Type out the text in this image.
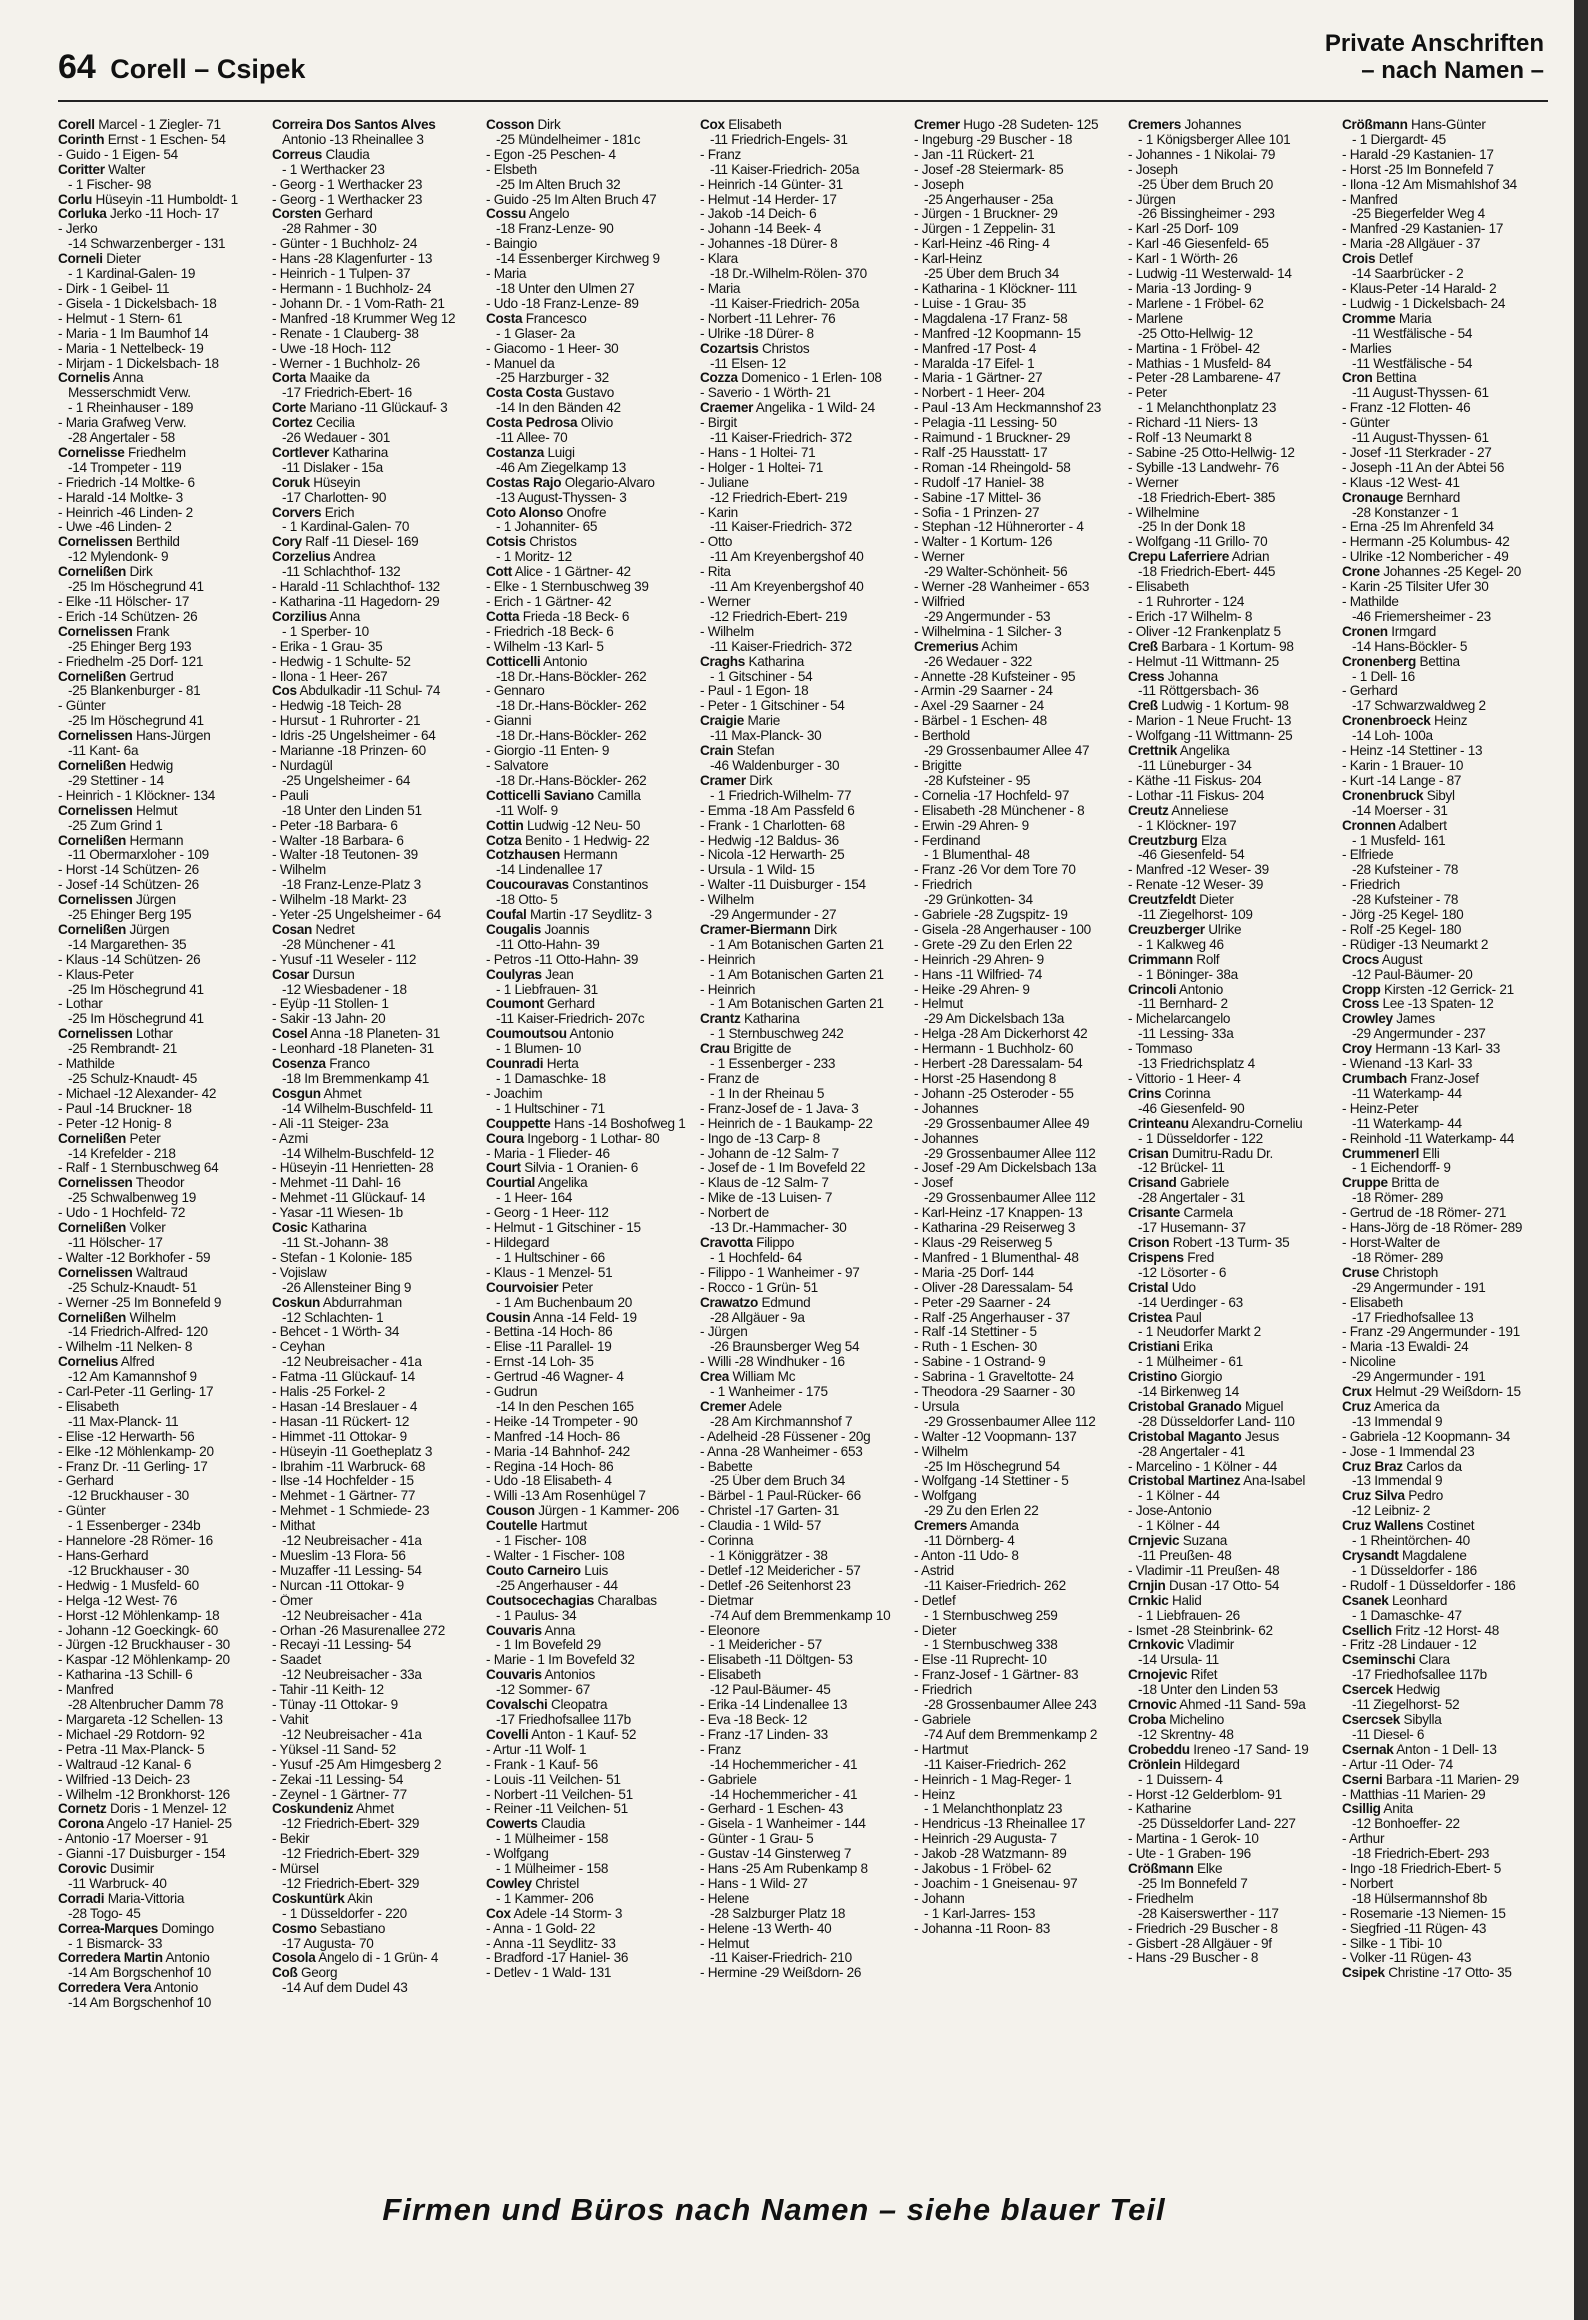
64 Corell – Csipek
Private Anschriften
– nach Namen –
Corell Marcel - 1 Ziegler- 71
Corinth Ernst - 1 Eschen- 54
- Guido - 1 Eigen- 54
Coritter Walter
- 1 Fischer- 98
Corlu Hüseyin -11 Humboldt- 1
Corluka Jerko -11 Hoch- 17
- Jerko
-14 Schwarzenberger - 131
Corneli Dieter
- 1 Kardinal-Galen- 19
- Dirk - 1 Geibel- 11
- Gisela - 1 Dickelsbach- 18
- Helmut - 1 Stern- 61
- Maria - 1 Im Baumhof 14
- Maria - 1 Nettelbeck- 19
- Mirjam - 1 Dickelsbach- 18
Cornelis Anna
Messerschmidt Verw.
- 1 Rheinhauser - 189
- Maria Grafweg Verw.
-28 Angertaler - 58
Cornelisse Friedhelm
-14 Trompeter - 119
- Friedrich -14 Moltke- 6
- Harald -14 Moltke- 3
- Heinrich -46 Linden- 2
- Uwe -46 Linden- 2
Cornelissen Berthild
-12 Mylendonk- 9
Cornelißen Dirk
-25 Im Höschegrund 41
- Elke -11 Hölscher- 17
- Erich -14 Schützen- 26
Cornelissen Frank
-25 Ehinger Berg 193
- Friedhelm -25 Dorf- 121
Cornelißen Gertrud
-25 Blankenburger - 81
- Günter
-25 Im Höschegrund 41
Cornelissen Hans-Jürgen
-11 Kant- 6a
Cornelißen Hedwig
-29 Stettiner - 14
- Heinrich - 1 Klöckner- 134
Cornelissen Helmut
-25 Zum Grind 1
Cornelißen Hermann
-11 Obermarxloher - 109
- Horst -14 Schützen- 26
- Josef -14 Schützen- 26
Cornelissen Jürgen
-25 Ehinger Berg 195
Cornelißen Jürgen
-14 Margarethen- 35
- Klaus -14 Schützen- 26
- Klaus-Peter
-25 Im Höschegrund 41
- Lothar
-25 Im Höschegrund 41
Cornelissen Lothar
-25 Rembrandt- 21
- Mathilde
-25 Schulz-Knaudt- 45
- Michael -12 Alexander- 42
- Paul -14 Bruckner- 18
- Peter -12 Honig- 8
Cornelißen Peter
-14 Krefelder - 218
- Ralf - 1 Sternbuschweg 64
Cornelissen Theodor
-25 Schwalbenweg 19
- Udo - 1 Hochfeld- 72
Cornelißen Volker
-11 Hölscher- 17
- Walter -12 Borkhofer - 59
Cornelissen Waltraud
-25 Schulz-Knaudt- 51
- Werner -25 Im Bonnefeld 9
Cornelißen Wilhelm
-14 Friedrich-Alfred- 120
- Wilhelm -11 Nelken- 8
Cornelius Alfred
-12 Am Kamannshof 9
- Carl-Peter -11 Gerling- 17
- Elisabeth
-11 Max-Planck- 11
- Elise -12 Herwarth- 56
- Elke -12 Möhlenkamp- 20
- Franz Dr. -11 Gerling- 17
- Gerhard
-12 Bruckhauser - 30
- Günter
- 1 Essenberger - 234b
- Hannelore -28 Römer- 16
- Hans-Gerhard
-12 Bruckhauser - 30
- Hedwig - 1 Musfeld- 60
- Helga -12 West- 76
- Horst -12 Möhlenkamp- 18
- Johann -12 Goeckingk- 60
- Jürgen -12 Bruckhauser - 30
- Kaspar -12 Möhlenkamp- 20
- Katharina -13 Schill- 6
- Manfred
-28 Altenbrucher Damm 78
- Margareta -12 Schellen- 13
- Michael -29 Rotdorn- 92
- Petra -11 Max-Planck- 5
- Waltraud -12 Kanal- 6
- Wilfried -13 Deich- 23
- Wilhelm -12 Bronkhorst- 126
Cornetz Doris - 1 Menzel- 12
Corona Angelo -17 Haniel- 25
- Antonio -17 Moerser - 91
- Gianni -17 Duisburger - 154
Corovic Dusimir
-11 Warbruck- 40
Corradi Maria-Vittoria
-28 Togo- 45
Correa-Marques Domingo
- 1 Bismarck- 33
Corredera Martin Antonio
-14 Am Borgschenhof 10
Corredera Vera Antonio
-14 Am Borgschenhof 10
Correira Dos Santos Alves
Antonio -13 Rheinallee 3
Correus Claudia
- 1 Werthacker 23
- Georg - 1 Werthacker 23
- Georg - 1 Werthacker 23
Corsten Gerhard
-28 Rahmer - 30
- Günter - 1 Buchholz- 24
- Hans -28 Klagenfurter - 13
- Heinrich - 1 Tulpen- 37
- Hermann - 1 Buchholz- 24
- Johann Dr. - 1 Vom-Rath- 21
- Manfred -18 Krummer Weg 12
- Renate - 1 Clauberg- 38
- Uwe -18 Hoch- 112
- Werner - 1 Buchholz- 26
Corta Maaike da
-17 Friedrich-Ebert- 16
Corte Mariano -11 Glückauf- 3
Cortez Cecilia
-26 Wedauer - 301
Cortlever Katharina
-11 Dislaker - 15a
Coruk Hüseyin
-17 Charlotten- 90
Corvers Erich
- 1 Kardinal-Galen- 70
Cory Ralf -11 Diesel- 169
Corzelius Andrea
-11 Schlachthof- 132
- Harald -11 Schlachthof- 132
- Katharina -11 Hagedorn- 29
Corzilius Anna
- 1 Sperber- 10
- Erika - 1 Grau- 35
- Hedwig - 1 Schulte- 52
- Ilona - 1 Heer- 267
Cos Abdulkadir -11 Schul- 74
- Hedwig -18 Teich- 28
- Hursut - 1 Ruhrorter - 21
- Idris -25 Ungelsheimer - 64
- Marianne -18 Prinzen- 60
- Nurdagül
-25 Ungelsheimer - 64
- Pauli
-18 Unter den Linden 51
- Peter -18 Barbara- 6
- Walter -18 Barbara- 6
- Walter -18 Teutonen- 39
- Wilhelm
-18 Franz-Lenze-Platz 3
- Wilhelm -18 Markt- 23
- Yeter -25 Ungelsheimer - 64
Cosan Nedret
-28 Münchener - 41
- Yusuf -11 Weseler - 112
Cosar Dursun
-12 Wiesbadener - 18
- Eyüp -11 Stollen- 1
- Sakir -13 Jahn- 20
Cosel Anna -18 Planeten- 31
- Leonhard -18 Planeten- 31
Cosenza Franco
-18 Im Bremmenkamp 41
Cosgun Ahmet
-14 Wilhelm-Buschfeld- 11
- Ali -11 Steiger- 23a
- Azmi
-14 Wilhelm-Buschfeld- 12
- Hüseyin -11 Henrietten- 28
- Mehmet -11 Dahl- 16
- Mehmet -11 Glückauf- 14
- Yasar -11 Wiesen- 1b
Cosic Katharina
-11 St.-Johann- 38
- Stefan - 1 Kolonie- 185
- Vojislaw
-26 Allensteiner Bing 9
Coskun Abdurrahman
-12 Schlachten- 1
- Behcet - 1 Wörth- 34
- Ceyhan
-12 Neubreisacher - 41a
- Fatma -11 Glückauf- 14
- Halis -25 Forkel- 2
- Hasan -14 Breslauer - 4
- Hasan -11 Rückert- 12
- Himmet -11 Ottokar- 9
- Hüseyin -11 Goetheplatz 3
- Ibrahim -11 Warbruck- 68
- Ilse -14 Hochfelder - 15
- Mehmet - 1 Gärtner- 77
- Mehmet - 1 Schmiede- 23
- Mithat
-12 Neubreisacher - 41a
- Mueslim -13 Flora- 56
- Muzaffer -11 Lessing- 54
- Nurcan -11 Ottokar- 9
- Ömer
-12 Neubreisacher - 41a
- Orhan -26 Masurenallee 272
- Recayi -11 Lessing- 54
- Saadet
-12 Neubreisacher - 33a
- Tahir -11 Keith- 12
- Tünay -11 Ottokar- 9
- Vahit
-12 Neubreisacher - 41a
- Yüksel -11 Sand- 52
- Yusuf -25 Am Himgesberg 2
- Zekai -11 Lessing- 54
- Zeynel - 1 Gärtner- 77
Coskundeniz Ahmet
-12 Friedrich-Ebert- 329
- Bekir
-12 Friedrich-Ebert- 329
- Mürsel
-12 Friedrich-Ebert- 329
Coskuntürk Akin
- 1 Düsseldorfer - 220
Cosmo Sebastiano
-17 Augusta- 70
Cosola Angelo di - 1 Grün- 4
Coß Georg
-14 Auf dem Dudel 43
Cosson Dirk
-25 Mündelheimer - 181c
- Egon -25 Peschen- 4
- Elsbeth
-25 Im Alten Bruch 32
- Guido -25 Im Alten Bruch 47
Cossu Angelo
-18 Franz-Lenze- 90
- Baingio
-14 Essenberger Kirchweg 9
- Maria
-18 Unter den Ulmen 27
- Udo -18 Franz-Lenze- 89
Costa Francesco
- 1 Glaser- 2a
- Giacomo - 1 Heer- 30
- Manuel da
-25 Harzburger - 32
Costa Costa Gustavo
-14 In den Bänden 42
Costa Pedrosa Olivio
-11 Allee- 70
Costanza Luigi
-46 Am Ziegelkamp 13
Costas Rajo Olegario-Alvaro
-13 August-Thyssen- 3
Coto Alonso Onofre
- 1 Johanniter- 65
Cotsis Christos
- 1 Moritz- 12
Cott Alice - 1 Gärtner- 42
- Elke - 1 Sternbuschweg 39
- Erich - 1 Gärtner- 42
Cotta Frieda -18 Beck- 6
- Friedrich -18 Beck- 6
- Wilhelm -13 Karl- 5
Cotticelli Antonio
-18 Dr.-Hans-Böckler- 262
- Gennaro
-18 Dr.-Hans-Böckler- 262
- Gianni
-18 Dr.-Hans-Böckler- 262
- Giorgio -11 Enten- 9
- Salvatore
-18 Dr.-Hans-Böckler- 262
Cotticelli Saviano Camilla
-11 Wolf- 9
Cottin Ludwig -12 Neu- 50
Cotza Benito - 1 Hedwig- 22
Cotzhausen Hermann
-14 Lindenallee 17
Coucouravas Constantinos
-18 Otto- 5
Coufal Martin -17 Seydlitz- 3
Cougalis Joannis
-11 Otto-Hahn- 39
- Petros -11 Otto-Hahn- 39
Coulyras Jean
- 1 Liebfrauen- 31
Coumont Gerhard
-11 Kaiser-Friedrich- 207c
Coumoutsou Antonio
- 1 Blumen- 10
Counradi Herta
- 1 Damaschke- 18
- Joachim
- 1 Hultschiner - 71
Couppette Hans -14 Boshofweg 1
Coura Ingeborg - 1 Lothar- 80
- Maria - 1 Flieder- 46
Court Silvia - 1 Oranien- 6
Courtial Angelika
- 1 Heer- 164
- Georg - 1 Heer- 112
- Helmut - 1 Gitschiner - 15
- Hildegard
- 1 Hultschiner - 66
- Klaus - 1 Menzel- 51
Courvoisier Peter
- 1 Am Buchenbaum 20
Cousin Anna -14 Feld- 19
- Bettina -14 Hoch- 86
- Elise -11 Parallel- 19
- Ernst -14 Loh- 35
- Gertrud -46 Wagner- 4
- Gudrun
-14 In den Peschen 165
- Heike -14 Trompeter - 90
- Manfred -14 Hoch- 86
- Maria -14 Bahnhof- 242
- Regina -14 Hoch- 86
- Udo -18 Elisabeth- 4
- Willi -13 Am Rosenhügel 7
Couson Jürgen - 1 Kammer- 206
Coutelle Hartmut
- 1 Fischer- 108
- Walter - 1 Fischer- 108
Couto Carneiro Luis
-25 Angerhauser - 44
Coutsocechagias Charalbas
- 1 Paulus- 34
Couvaris Anna
- 1 Im Bovefeld 29
- Marie - 1 Im Bovefeld 32
Couvaris Antonios
-12 Sommer- 67
Covalschi Cleopatra
-17 Friedhofsallee 117b
Covelli Anton - 1 Kauf- 52
- Artur -11 Wolf- 1
- Frank - 1 Kauf- 56
- Louis -11 Veilchen- 51
- Norbert -11 Veilchen- 51
- Reiner -11 Veilchen- 51
Cowerts Claudia
- 1 Mülheimer - 158
- Wolfgang
- 1 Mülheimer - 158
Cowley Christel
- 1 Kammer- 206
Cox Adele -14 Storm- 3
- Anna - 1 Gold- 22
- Anna -11 Seydlitz- 33
- Bradford -17 Haniel- 36
- Detlev - 1 Wald- 131
Cox Elisabeth
-11 Friedrich-Engels- 31
- Franz
-11 Kaiser-Friedrich- 205a
- Heinrich -14 Günter- 31
- Helmut -14 Herder- 17
- Jakob -14 Deich- 6
- Johann -14 Beek- 4
- Johannes -18 Dürer- 8
- Klara
-18 Dr.-Wilhelm-Rölen- 370
- Maria
-11 Kaiser-Friedrich- 205a
- Norbert -11 Lehrer- 76
- Ulrike -18 Dürer- 8
Cozartsis Christos
-11 Elsen- 12
Cozza Domenico - 1 Erlen- 108
- Saverio - 1 Wörth- 21
Craemer Angelika - 1 Wild- 24
- Birgit
-11 Kaiser-Friedrich- 372
- Hans - 1 Holtei- 71
- Holger - 1 Holtei- 71
- Juliane
-12 Friedrich-Ebert- 219
- Karin
-11 Kaiser-Friedrich- 372
- Otto
-11 Am Kreyenbergshof 40
- Rita
-11 Am Kreyenbergshof 40
- Werner
-12 Friedrich-Ebert- 219
- Wilhelm
-11 Kaiser-Friedrich- 372
Craghs Katharina
- 1 Gitschiner - 54
- Paul - 1 Egon- 18
- Peter - 1 Gitschiner - 54
Craigie Marie
-11 Max-Planck- 30
Crain Stefan
-46 Waldenburger - 30
Cramer Dirk
- 1 Friedrich-Wilhelm- 77
- Emma -18 Am Passfeld 6
- Frank - 1 Charlotten- 68
- Hedwig -12 Baldus- 36
- Nicola -12 Herwarth- 25
- Ursula - 1 Wild- 15
- Walter -11 Duisburger - 154
- Wilhelm
-29 Angermunder - 27
Cramer-Biermann Dirk
- 1 Am Botanischen Garten 21
- Heinrich
- 1 Am Botanischen Garten 21
- Heinrich
- 1 Am Botanischen Garten 21
Crantz Katharina
- 1 Sternbuschweg 242
Crau Brigitte de
- 1 Essenberger - 233
- Franz de
- 1 In der Rheinau 5
- Franz-Josef de - 1 Java- 3
- Heinrich de - 1 Baukamp- 22
- Ingo de -13 Carp- 8
- Johann de -12 Salm- 7
- Josef de - 1 Im Bovefeld 22
- Klaus de -12 Salm- 7
- Mike de -13 Luisen- 7
- Norbert de
-13 Dr.-Hammacher- 30
Cravotta Filippo
- 1 Hochfeld- 64
- Filippo - 1 Wanheimer - 97
- Rocco - 1 Grün- 51
Crawatzo Edmund
-28 Allgäuer - 9a
- Jürgen
-26 Braunsberger Weg 54
- Willi -28 Windhuker - 16
Crea William Mc
- 1 Wanheimer - 175
Cremer Adele
-28 Am Kirchmannshof 7
- Adelheid -28 Füssener - 20g
- Anna -28 Wanheimer - 653
- Babette
-25 Über dem Bruch 34
- Bärbel - 1 Paul-Rücker- 66
- Christel -17 Garten- 31
- Claudia - 1 Wild- 57
- Corinna
- 1 Königgrätzer - 38
- Detlef -12 Meidericher - 57
- Detlef -26 Seitenhorst 23
- Dietmar
-74 Auf dem Bremmenkamp 10
- Eleonore
- 1 Meidericher - 57
- Elisabeth -11 Döltgen- 53
- Elisabeth
-12 Paul-Bäumer- 45
- Erika -14 Lindenallee 13
- Eva -18 Beck- 12
- Franz -17 Linden- 33
- Franz
-14 Hochemmericher - 41
- Gabriele
-14 Hochemmericher - 41
- Gerhard - 1 Eschen- 43
- Gisela - 1 Wanheimer - 144
- Günter - 1 Grau- 5
- Gustav -14 Ginsterweg 7
- Hans -25 Am Rubenkamp 8
- Hans - 1 Wild- 27
- Helene
-28 Salzburger Platz 18
- Helene -13 Werth- 40
- Helmut
-11 Kaiser-Friedrich- 210
- Hermine -29 Weißdorn- 26
Cremer Hugo -28 Sudeten- 125
- Ingeburg -29 Buscher - 18
- Jan -11 Rückert- 21
- Josef -28 Steiermark- 85
- Joseph
-25 Angerhauser - 25a
- Jürgen - 1 Bruckner- 29
- Jürgen - 1 Zeppelin- 31
- Karl-Heinz -46 Ring- 4
- Karl-Heinz
-25 Über dem Bruch 34
- Katharina - 1 Klöckner- 111
- Luise - 1 Grau- 35
- Magdalena -17 Franz- 58
- Manfred -12 Koopmann- 15
- Manfred -17 Post- 4
- Maralda -17 Eifel- 1
- Maria - 1 Gärtner- 27
- Norbert - 1 Heer- 204
- Paul -13 Am Heckmannshof 23
- Pelagia -11 Lessing- 50
- Raimund - 1 Bruckner- 29
- Ralf -25 Hausstatt- 17
- Roman -14 Rheingold- 58
- Rudolf -17 Haniel- 38
- Sabine -17 Mittel- 36
- Sofia - 1 Prinzen- 27
- Stephan -12 Hühnerorter - 4
- Walter - 1 Kortum- 126
- Werner
-29 Walter-Schönheit- 56
- Werner -28 Wanheimer - 653
- Wilfried
-29 Angermunder - 53
- Wilhelmina - 1 Silcher- 3
Cremerius Achim
-26 Wedauer - 322
- Annette -28 Kufsteiner - 95
- Armin -29 Saarner - 24
- Axel -29 Saarner - 24
- Bärbel - 1 Eschen- 48
- Berthold
-29 Grossenbaumer Allee 47
- Brigitte
-28 Kufsteiner - 95
- Cornelia -17 Hochfeld- 97
- Elisabeth -28 Münchener - 8
- Erwin -29 Ahren- 9
- Ferdinand
- 1 Blumenthal- 48
- Franz -26 Vor dem Tore 70
- Friedrich
-29 Grünkotten- 34
- Gabriele -28 Zugspitz- 19
- Gisela -28 Angerhauser - 100
- Grete -29 Zu den Erlen 22
- Heinrich -29 Ahren- 9
- Hans -11 Wilfried- 74
- Heike -29 Ahren- 9
- Helmut
-29 Am Dickelsbach 13a
- Helga -28 Am Dickerhorst 42
- Hermann - 1 Buchholz- 60
- Herbert -28 Daressalam- 54
- Horst -25 Hasendong 8
- Johann -25 Osteroder - 55
- Johannes
-29 Grossenbaumer Allee 49
- Johannes
-29 Grossenbaumer Allee 112
- Josef -29 Am Dickelsbach 13a
- Josef
-29 Grossenbaumer Allee 112
- Karl-Heinz -17 Knappen- 13
- Katharina -29 Reiserweg 3
- Klaus -29 Reiserweg 5
- Manfred - 1 Blumenthal- 48
- Maria -25 Dorf- 144
- Oliver -28 Daressalam- 54
- Peter -29 Saarner - 24
- Ralf -25 Angerhauser - 37
- Ralf -14 Stettiner - 5
- Ruth - 1 Eschen- 30
- Sabine - 1 Ostrand- 9
- Sabrina - 1 Graveltotte- 24
- Theodora -29 Saarner - 30
- Ursula
-29 Grossenbaumer Allee 112
- Walter -12 Voopmann- 137
- Wilhelm
-25 Im Höschegrund 54
- Wolfgang -14 Stettiner - 5
- Wolfgang
-29 Zu den Erlen 22
Cremers Amanda
-11 Dörnberg- 4
- Anton -11 Udo- 8
- Astrid
-11 Kaiser-Friedrich- 262
- Detlef
- 1 Sternbuschweg 259
- Dieter
- 1 Sternbuschweg 338
- Else -11 Ruprecht- 10
- Franz-Josef - 1 Gärtner- 83
- Friedrich
-28 Grossenbaumer Allee 243
- Gabriele
-74 Auf dem Bremmenkamp 2
- Hartmut
-11 Kaiser-Friedrich- 262
- Heinrich - 1 Mag-Reger- 1
- Heinz
- 1 Melanchthonplatz 23
- Hendricus -13 Rheinallee 17
- Heinrich -29 Augusta- 7
- Jakob -28 Watzmann- 89
- Jakobus - 1 Fröbel- 62
- Joachim - 1 Gneisenau- 97
- Johann
- 1 Karl-Jarres- 153
- Johanna -11 Roon- 83
Cremers Johannes
- 1 Königsberger Allee 101
- Johannes - 1 Nikolai- 79
- Joseph
-25 Über dem Bruch 20
- Jürgen
-26 Bissingheimer - 293
- Karl -25 Dorf- 109
- Karl -46 Giesenfeld- 65
- Karl - 1 Wörth- 26
- Ludwig -11 Westerwald- 14
- Maria -13 Jording- 9
- Marlene - 1 Fröbel- 62
- Marlene
-25 Otto-Hellwig- 12
- Martina - 1 Fröbel- 42
- Mathias - 1 Musfeld- 84
- Peter -28 Lambarene- 47
- Peter
- 1 Melanchthonplatz 23
- Richard -11 Niers- 13
- Rolf -13 Neumarkt 8
- Sabine -25 Otto-Hellwig- 12
- Sybille -13 Landwehr- 76
- Werner
-18 Friedrich-Ebert- 385
- Wilhelmine
-25 In der Donk 18
- Wolfgang -11 Grillo- 70
Crepu Laferriere Adrian
-18 Friedrich-Ebert- 445
- Elisabeth
- 1 Ruhrorter - 124
- Erich -17 Wilhelm- 8
- Oliver -12 Frankenplatz 5
Creß Barbara - 1 Kortum- 98
- Helmut -11 Wittmann- 25
Cress Johanna
-11 Röttgersbach- 36
Creß Ludwig - 1 Kortum- 98
- Marion - 1 Neue Frucht- 13
- Wolfgang -11 Wittmann- 25
Crettnik Angelika
-11 Lüneburger - 34
- Käthe -11 Fiskus- 204
- Lothar -11 Fiskus- 204
Creutz Anneliese
- 1 Klöckner- 197
Creutzburg Elza
-46 Giesenfeld- 54
- Manfred -12 Weser- 39
- Renate -12 Weser- 39
Creutzfeldt Dieter
-11 Ziegelhorst- 109
Creuzberger Ulrike
- 1 Kalkweg 46
Crimmann Rolf
- 1 Böninger- 38a
Crincoli Antonio
-11 Bernhard- 2
- Michelarcangelo
-11 Lessing- 33a
- Tommaso
-13 Friedrichsplatz 4
- Vittorio - 1 Heer- 4
Crins Corinna
-46 Giesenfeld- 90
Crinteanu Alexandru-Corneliu
- 1 Düsseldorfer - 122
Crisan Dumitru-Radu Dr.
-12 Brückel- 11
Crisand Gabriele
-28 Angertaler - 31
Crisante Carmela
-17 Husemann- 37
Crison Robert -13 Turm- 35
Crispens Fred
-12 Lösorter - 6
Cristal Udo
-14 Uerdinger - 63
Cristea Paul
- 1 Neudorfer Markt 2
Cristiani Erika
- 1 Mülheimer - 61
Cristino Giorgio
-14 Birkenweg 14
Cristobal Granado Miguel
-28 Düsseldorfer Land- 110
Cristobal Maganto Jesus
-28 Angertaler - 41
- Marcelino - 1 Kölner - 44
Cristobal Martinez Ana-Isabel
- 1 Kölner - 44
- Jose-Antonio
- 1 Kölner - 44
Crnjevic Suzana
-11 Preußen- 48
- Vladimir -11 Preußen- 48
Crnjin Dusan -17 Otto- 54
Crnkic Halid
- 1 Liebfrauen- 26
- Ismet -28 Steinbrink- 62
Crnkovic Vladimir
-14 Ursula- 11
Crnojevic Rifet
-18 Unter den Linden 53
Crnovic Ahmed -11 Sand- 59a
Croba Michelino
-12 Skrentny- 48
Crobeddu Ireneo -17 Sand- 19
Crönlein Hildegard
- 1 Duissern- 4
- Horst -12 Gelderblom- 91
- Katharine
-25 Düsseldorfer Land- 227
- Martina - 1 Gerok- 10
- Ute - 1 Graben- 196
Crößmann Elke
-25 Im Bonnefeld 7
- Friedhelm
-28 Kaiserswerther - 117
- Friedrich -29 Buscher - 8
- Gisbert -28 Allgäuer - 9f
- Hans -29 Buscher - 8
Crößmann Hans-Günter
- 1 Diergardt- 45
- Harald -29 Kastanien- 17
- Horst -25 Im Bonnefeld 7
- Ilona -12 Am Mismahlshof 34
- Manfred
-25 Biegerfelder Weg 4
- Manfred -29 Kastanien- 17
- Maria -28 Allgäuer - 37
Crois Detlef
-14 Saarbrücker - 2
- Klaus-Peter -14 Harald- 2
- Ludwig - 1 Dickelsbach- 24
Cromme Maria
-11 Westfälische - 54
- Marlies
-11 Westfälische - 54
Cron Bettina
-11 August-Thyssen- 61
- Franz -12 Flotten- 46
- Günter
-11 August-Thyssen- 61
- Josef -11 Sterkrader - 27
- Joseph -11 An der Abtei 56
- Klaus -12 West- 41
Cronauge Bernhard
-28 Konstanzer - 1
- Erna -25 Im Ahrenfeld 34
- Hermann -25 Kolumbus- 42
- Ulrike -12 Nombericher - 49
Crone Johannes -25 Kegel- 20
- Karin -25 Tilsiter Ufer 30
- Mathilde
-46 Friemersheimer - 23
Cronen Irmgard
-14 Hans-Böckler- 5
Cronenberg Bettina
- 1 Dell- 16
- Gerhard
-17 Schwarzwaldweg 2
Cronenbroeck Heinz
-14 Loh- 100a
- Heinz -14 Stettiner - 13
- Karin - 1 Brauer- 10
- Kurt -14 Lange - 87
Cronenbruck Sibyl
-14 Moerser - 31
Cronnen Adalbert
- 1 Musfeld- 161
- Elfriede
-28 Kufsteiner - 78
- Friedrich
-28 Kufsteiner - 78
- Jörg -25 Kegel- 180
- Rolf -25 Kegel- 180
- Rüdiger -13 Neumarkt 2
Crocs August
-12 Paul-Bäumer- 20
Cropp Kirsten -12 Gerrick- 21
Cross Lee -13 Spaten- 12
Crowley James
-29 Angermunder - 237
Croy Hermann -13 Karl- 33
- Wienand -13 Karl- 33
Crumbach Franz-Josef
-11 Waterkamp- 44
- Heinz-Peter
-11 Waterkamp- 44
- Reinhold -11 Waterkamp- 44
Crummenerl Elli
- 1 Eichendorff- 9
Cruppe Britta de
-18 Römer- 289
- Gertrud de -18 Römer- 271
- Hans-Jörg de -18 Römer- 289
- Horst-Walter de
-18 Römer- 289
Cruse Christoph
-29 Angermunder - 191
- Elisabeth
-17 Friedhofsallee 13
- Franz -29 Angermunder - 191
- Maria -13 Ewaldi- 24
- Nicoline
-29 Angermunder - 191
Crux Helmut -29 Weißdorn- 15
Cruz America da
-13 Immendal 9
- Gabriela -12 Koopmann- 34
- Jose - 1 Immendal 23
Cruz Braz Carlos da
-13 Immendal 9
Cruz Silva Pedro
-12 Leibniz- 2
Cruz Wallens Costinet
- 1 Rheintörchen- 40
Crysandt Magdalene
- 1 Düsseldorfer - 186
- Rudolf - 1 Düsseldorfer - 186
Csanek Leonhard
- 1 Damaschke- 47
Csellich Fritz -12 Horst- 48
- Fritz -28 Lindauer - 12
Cseminschi Clara
-17 Friedhofsallee 117b
Csercek Hedwig
-11 Ziegelhorst- 52
Csercsek Sibylla
-11 Diesel- 6
Csernak Anton - 1 Dell- 13
- Artur -11 Oder- 74
Cserni Barbara -11 Marien- 29
- Matthias -11 Marien- 29
Csillig Anita
-12 Bonhoeffer- 22
- Arthur
-18 Friedrich-Ebert- 293
- Ingo -18 Friedrich-Ebert- 5
- Norbert
-18 Hülsermannshof 8b
- Rosemarie -13 Niemen- 15
- Siegfried -11 Rügen- 43
- Silke - 1 Tibi- 10
- Volker -11 Rügen- 43
Csipek Christine -17 Otto- 35
Firmen und Büros nach Namen – siehe blauer Teil
